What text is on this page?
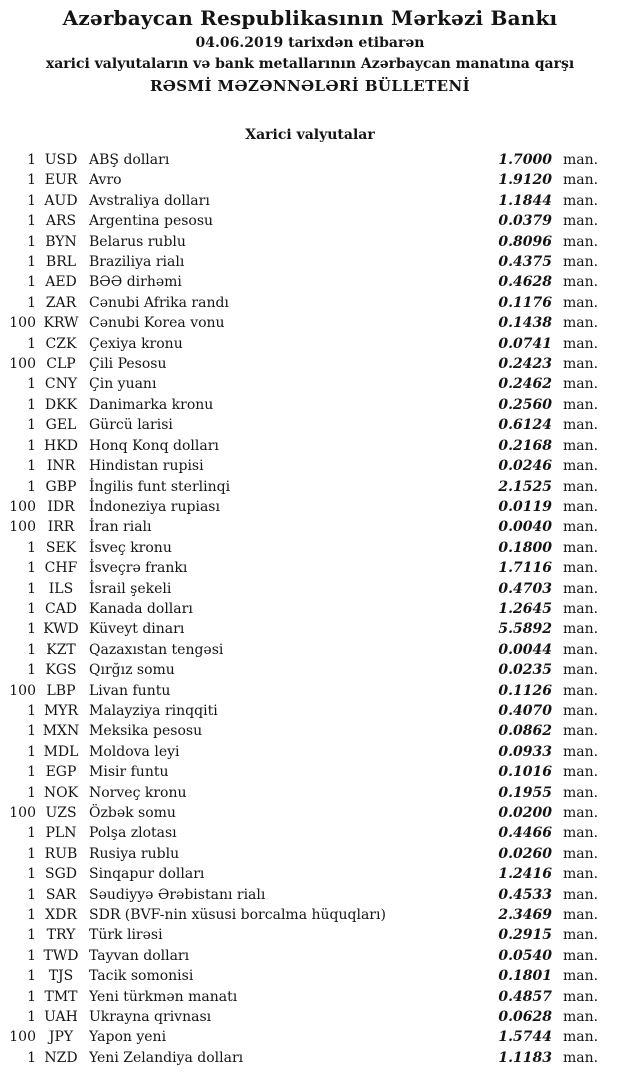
Azərbaycan Respublikasının Mərkəzi Bankı
04.06.2019 tarixdən etibarən
xarici valyutaların və bank metallarının Azərbaycan manatına qarşı
RƏSMİ MƏZƏNNƏLƏRİ BÜLLETENİ
Xarici valyutalar
1 USD ABŞ dolları	1.7000 man.
1 EUR Avro	1.9120 man.
1 AUD Avstraliya dolları	1.1844 man.
1 ARS Argentina pesosu	0.0379 man.
1 BYN Belarus rublu	0.8096 man.
1 BRL Braziliya rialı	0.4375 man.
1 AED BƏƏ dirhəmi	0.4628 man.
1 ZAR Cənubi Afrika randı	0.1176 man.
100 KRW Cənubi Korea vonu	0.1438 man.
1 CZK Çexiya kronu	0.0741 man.
100 CLP Çili Pesosu	0.2423 man.
1 CNY Çin yuanı	0.2462 man.
1 DKK Danimarka kronu	0.2560 man.
1 GEL Gürcü larisi	0.6124 man.
1 HKD Honq Konq dolları	0.2168 man.
1 INR Hindistan rupisi	0.0246 man.
1 GBP İngilis funt sterlinqi	2.1525 man.
100 IDR	İndoneziya rupiası	0.0119 man.
100 IRR	İran rialı	0.0040 man.
1 SEK İsveç kronu	0.1800 man.
1 CHF İsveçrə frankı	1.7116 man.
1 ILS	İsrail şekeli	0.4703 man.
1 CAD Kanada dolları	1.2645 man.
1 KWD Küveyt dinarı	5.5892 man.
1 KZT Qazaxıstan tengəsi	0.0044 man.
1 KGS Qırğız somu	0.0235 man.
100 LBP Livan funtu	0.1126 man.
1 MYR Malayziya rinqqiti	0.4070 man.
1 MXN Meksika pesosu	0.0862 man.
1 MDL Moldova leyi	0.0933 man.
1 EGP Misir funtu	0.1016 man.
1 NOK Norveç kronu	0.1955 man.
100 UZS Özbək somu	0.0200 man.
1 PLN Polşa zlotası	0.4466 man.
1 RUB Rusiya rublu	0.0260 man.
1 SGD Sinqapur dolları	1.2416 man.
1 SAR Səudiyyə Ərəbistanı rialı	0.4533 man.
1 XDR SDR (BVF-nin xüsusi borcalma hüquqları)	2.3469 man.
1 TRY Türk lirəsi	0.2915 man.
1 TWD Tayvan dolları	0.0540 man.
1 TJS	Tacik somonisi	0.1801 man.
1 TMT Yeni türkmən manatı	0.4857 man.
1 UAH Ukrayna qrivnası	0.0628 man.
100 JPY	Yapon yeni	1.5744 man.
1 NZD Yeni Zelandiya dolları	1.1183 man.
